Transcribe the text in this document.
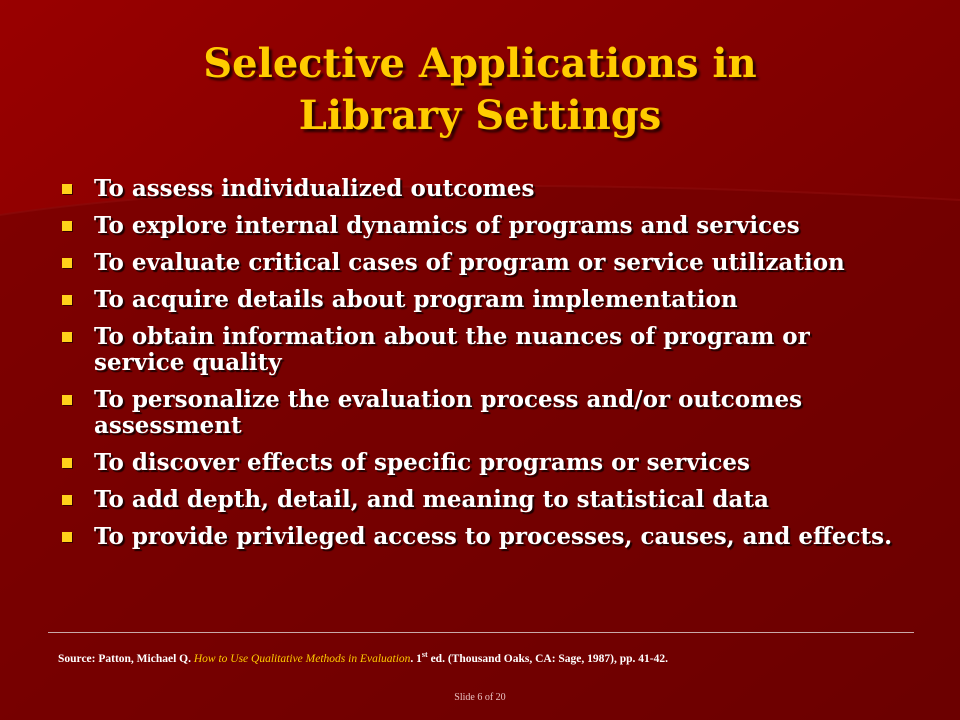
Selective Applications in
Library Settings
To assess individualized outcomes
To explore internal dynamics of programs and services
To evaluate critical cases of program or service utilization
To acquire details about program implementation
To obtain information about the nuances of program or service quality
To personalize the evaluation process and/or outcomes assessment
To discover effects of specific programs or services
To add depth, detail, and meaning to statistical data
To provide privileged access to processes, causes, and effects.
Source: Patton, Michael Q. How to Use Qualitative Methods in Evaluation. 1st ed. (Thousand Oaks, CA: Sage, 1987), pp. 41-42.
Slide 6 of 20
